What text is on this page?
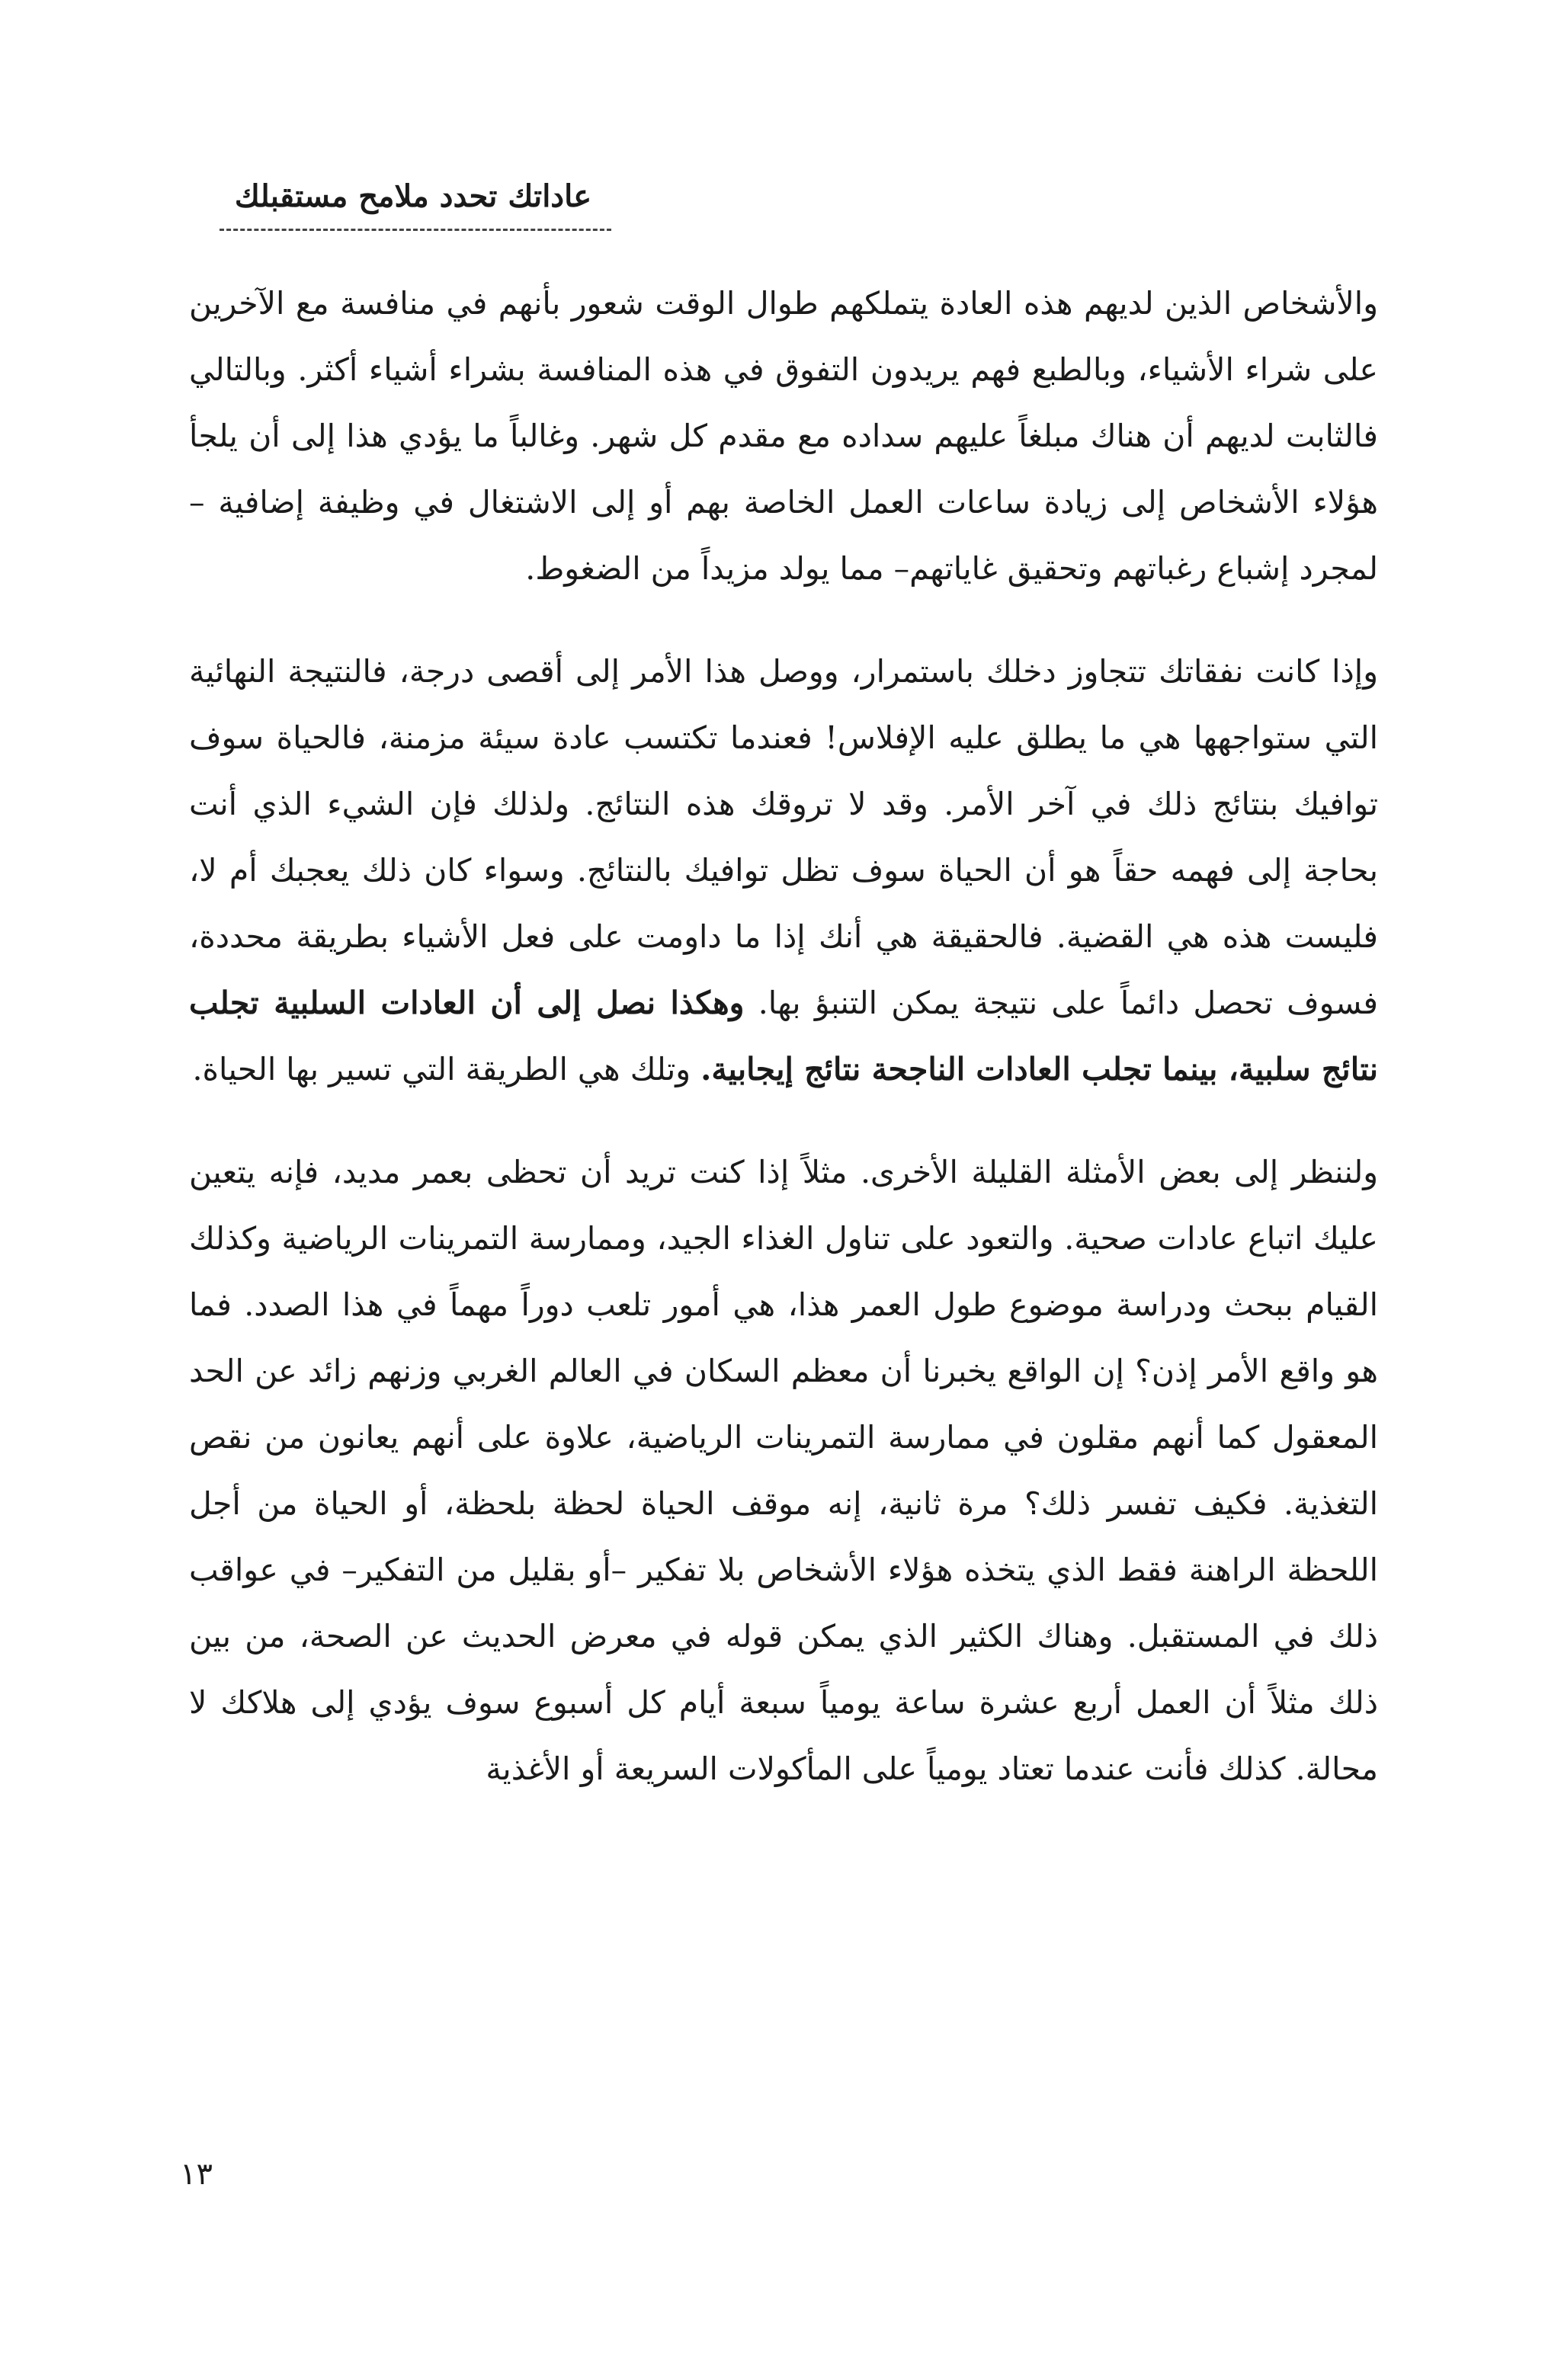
عاداتك تحدد ملامح مستقبلك

والأشخاص الذين لديهم هذه العادة يتملكهم طوال الوقت شعور بأنهم في منافسة مع الآخرين على شراء الأشياء، وبالطبع فهم يريدون التفوق في هذه المنافسة بشراء أشياء أكثر. وبالتالي فالثابت لديهم أن هناك مبلغاً عليهم سداده مع مقدم كل شهر. وغالباً ما يؤدي هذا إلى أن يلجأ هؤلاء الأشخاص إلى زيادة ساعات العمل الخاصة بهم أو إلى الاشتغال في وظيفة إضافية –لمجرد إشباع رغباتهم وتحقيق غاياتهم– مما يولد مزيداً من الضغوط.

وإذا كانت نفقاتك تتجاوز دخلك باستمرار، ووصل هذا الأمر إلى أقصى درجة، فالنتيجة النهائية التي ستواجهها هي ما يطلق عليه الإفلاس! فعندما تكتسب عادة سيئة مزمنة، فالحياة سوف توافيك بنتائج ذلك في آخر الأمر. وقد لا تروقك هذه النتائج. ولذلك فإن الشيء الذي أنت بحاجة إلى فهمه حقاً هو أن الحياة سوف تظل توافيك بالنتائج. وسواء كان ذلك يعجبك أم لا، فليست هذه هي القضية. فالحقيقة هي أنك إذا ما داومت على فعل الأشياء بطريقة محددة، فسوف تحصل دائماً على نتيجة يمكن التنبؤ بها. وهكذا نصل إلى أن العادات السلبية تجلب نتائج سلبية، بينما تجلب العادات الناجحة نتائج إيجابية. وتلك هي الطريقة التي تسير بها الحياة.

ولننظر إلى بعض الأمثلة القليلة الأخرى. مثلاً إذا كنت تريد أن تحظى بعمر مديد، فإنه يتعين عليك اتباع عادات صحية. والتعود على تناول الغذاء الجيد، وممارسة التمرينات الرياضية وكذلك القيام ببحث ودراسة موضوع طول العمر هذا، هي أمور تلعب دوراً مهماً في هذا الصدد. فما هو واقع الأمر إذن؟ إن الواقع يخبرنا أن معظم السكان في العالم الغربي وزنهم زائد عن الحد المعقول كما أنهم مقلون في ممارسة التمرينات الرياضية، علاوة على أنهم يعانون من نقص التغذية. فكيف تفسر ذلك؟ مرة ثانية، إنه موقف الحياة لحظة بلحظة، أو الحياة من أجل اللحظة الراهنة فقط الذي يتخذه هؤلاء الأشخاص بلا تفكير –أو بقليل من التفكير– في عواقب ذلك في المستقبل. وهناك الكثير الذي يمكن قوله في معرض الحديث عن الصحة، من بين ذلك مثلاً أن العمل أربع عشرة ساعة يومياً سبعة أيام كل أسبوع سوف يؤدي إلى هلاكك لا محالة. كذلك فأنت عندما تعتاد يومياً على المأكولات السريعة أو الأغذية

١٣
